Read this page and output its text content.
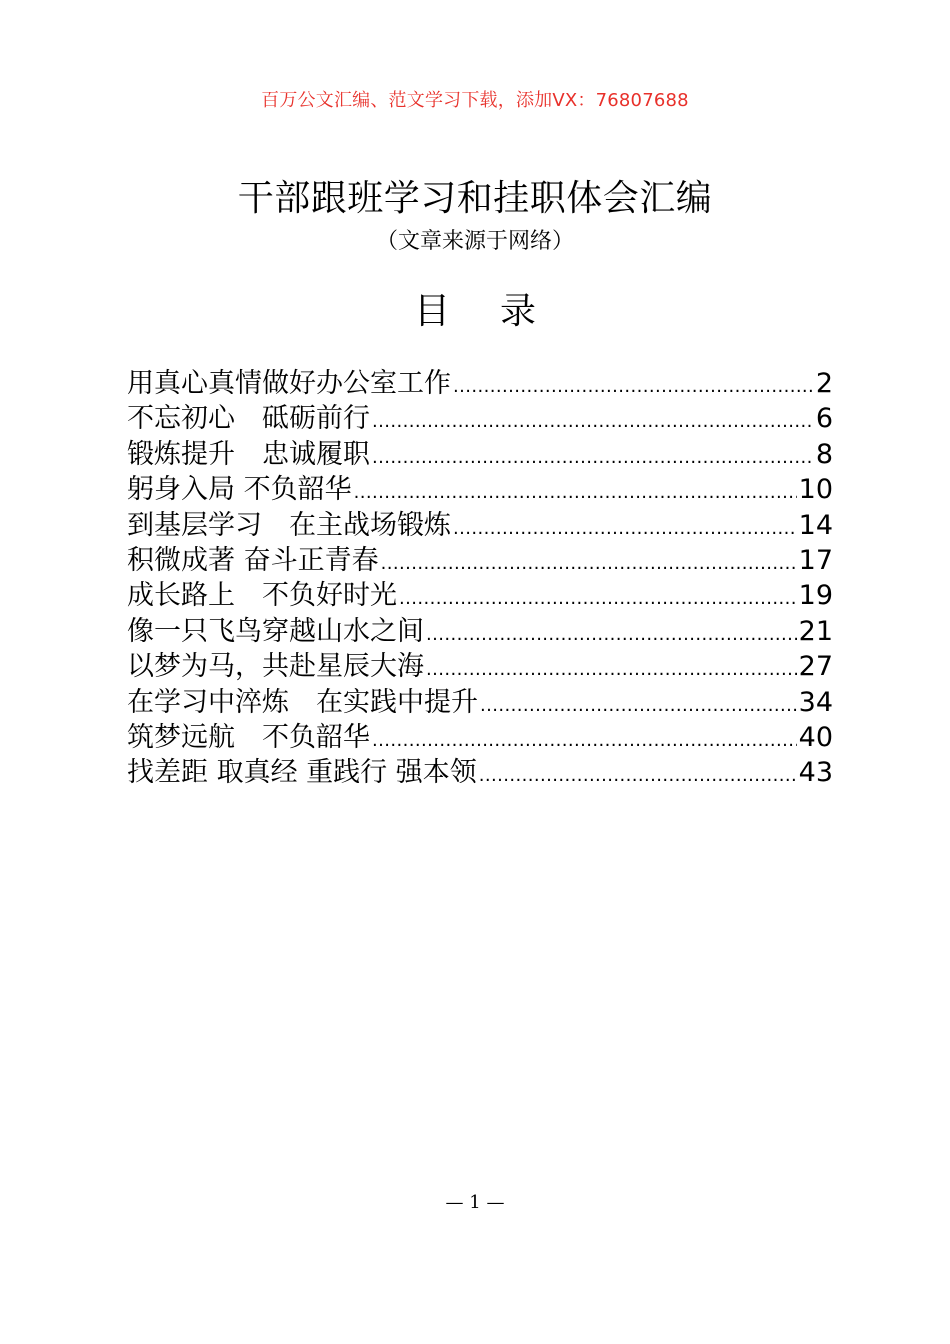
百万公文汇编、范文学习下载，添加VX：76807688
干部跟班学习和挂职体会汇编
（文章来源于网络）
目 录
用真心真情做好办公室工作 .....	2
不忘初心　砥砺前行 .....	6
锻炼提升　忠诚履职 .....	8
躬身入局 不负韶华 .....	10
到基层学习　在主战场锻炼 .....	14
积微成著 奋斗正青春 .....	17
成长路上　不负好时光 .....	19
像一只飞鸟穿越山水之间 .....	21
以梦为马，共赴星辰大海 .....	27
在学习中淬炼　在实践中提升 .....	34
筑梦远航　不负韶华 .....	40
找差距 取真经 重践行 强本领 .....	43
— 1 —
